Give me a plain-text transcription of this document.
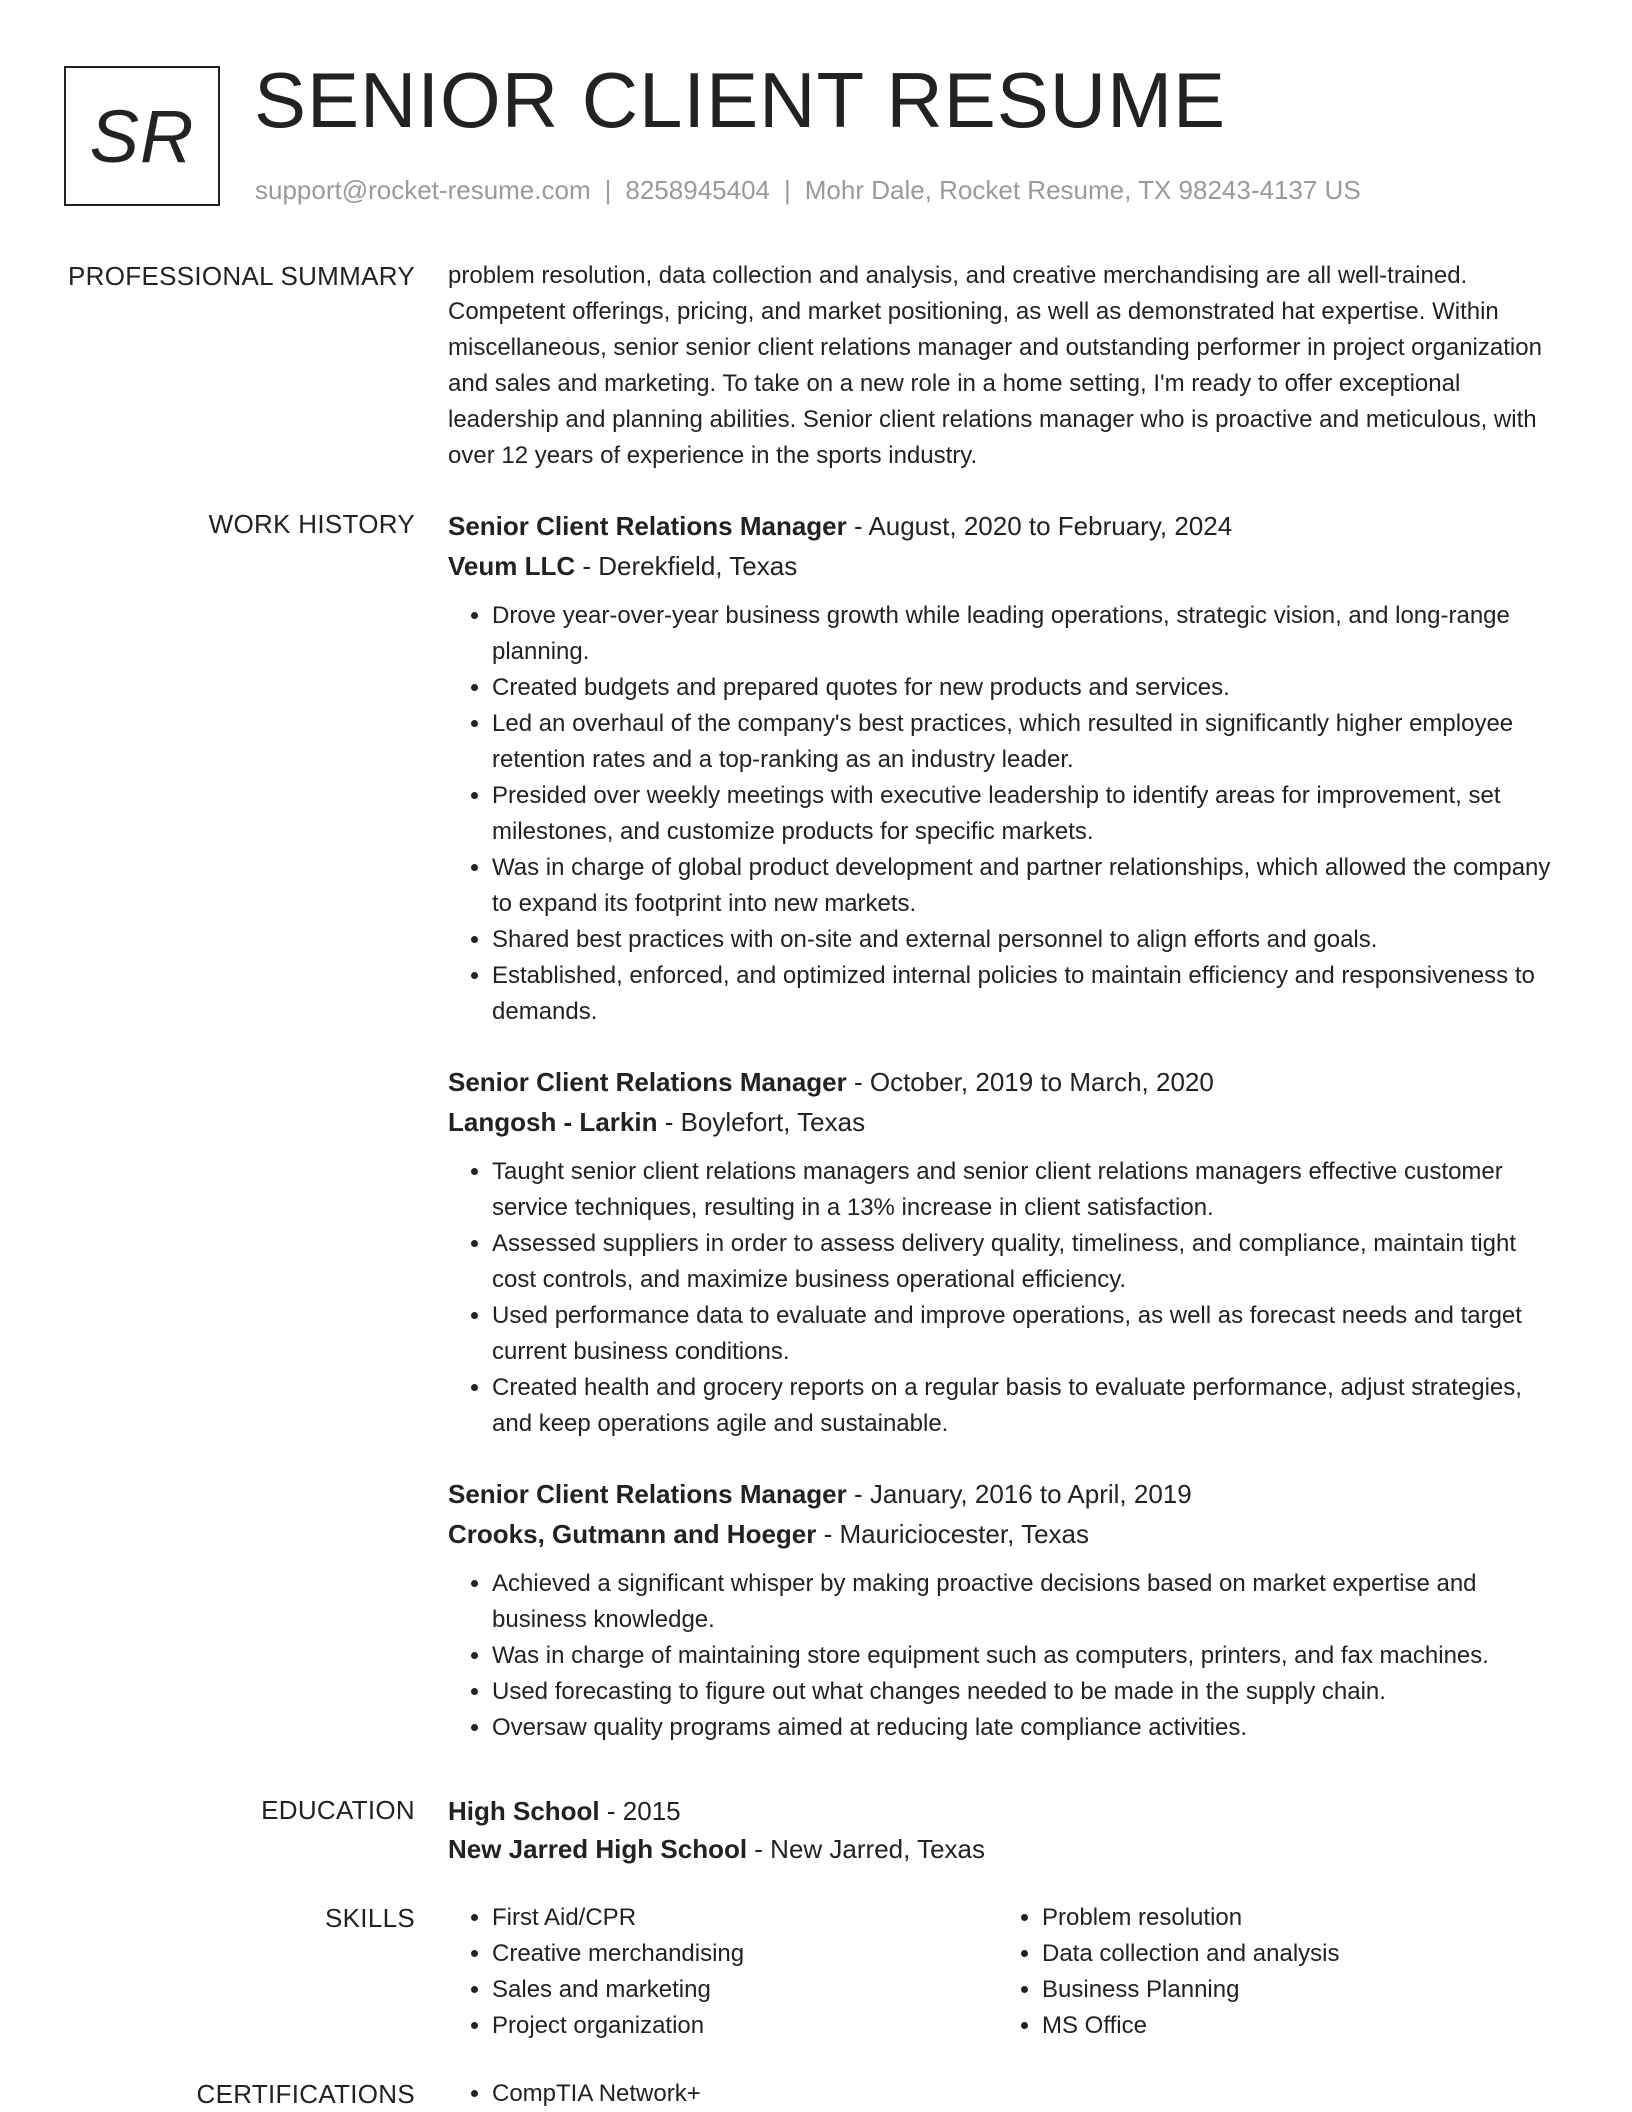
SR SENIOR CLIENT RESUME
support@rocket-resume.com | 8258945404 | Mohr Dale, Rocket Resume, TX 98243-4137 US
PROFESSIONAL SUMMARY problem resolution, data collection and analysis, and creative merchandising are all well-trained. Competent offerings, pricing, and market positioning, as well as demonstrated hat expertise. Within miscellaneous, senior senior client relations manager and outstanding performer in project organization and sales and marketing. To take on a new role in a home setting, I'm ready to offer exceptional leadership and planning abilities. Senior client relations manager who is proactive and meticulous, with over 12 years of experience in the sports industry.
WORK HISTORY Senior Client Relations Manager - August, 2020 to February, 2024
Veum LLC - Derekfield, Texas
• Drove year-over-year business growth while leading operations, strategic vision, and long-range planning.
• Created budgets and prepared quotes for new products and services.
• Led an overhaul of the company's best practices, which resulted in significantly higher employee retention rates and a top-ranking as an industry leader.
• Presided over weekly meetings with executive leadership to identify areas for improvement, set milestones, and customize products for specific markets.
• Was in charge of global product development and partner relationships, which allowed the company to expand its footprint into new markets.
• Shared best practices with on-site and external personnel to align efforts and goals.
• Established, enforced, and optimized internal policies to maintain efficiency and responsiveness to demands.
Senior Client Relations Manager - October, 2019 to March, 2020
Langosh - Larkin - Boylefort, Texas
• Taught senior client relations managers and senior client relations managers effective customer service techniques, resulting in a 13% increase in client satisfaction.
• Assessed suppliers in order to assess delivery quality, timeliness, and compliance, maintain tight cost controls, and maximize business operational efficiency.
• Used performance data to evaluate and improve operations, as well as forecast needs and target current business conditions.
• Created health and grocery reports on a regular basis to evaluate performance, adjust strategies, and keep operations agile and sustainable.
Senior Client Relations Manager - January, 2016 to April, 2019
Crooks, Gutmann and Hoeger - Mauriciocester, Texas
• Achieved a significant whisper by making proactive decisions based on market expertise and business knowledge.
• Was in charge of maintaining store equipment such as computers, printers, and fax machines.
• Used forecasting to figure out what changes needed to be made in the supply chain.
• Oversaw quality programs aimed at reducing late compliance activities.
EDUCATION High School - 2015
New Jarred High School - New Jarred, Texas
SKILLS	• First Aid/CPR
• Creative merchandising
• Sales and marketing
• Project organization
• Problem resolution
• Data collection and analysis
• Business Planning
• MS Office
CERTIFICATIONS	• CompTIA Network+
